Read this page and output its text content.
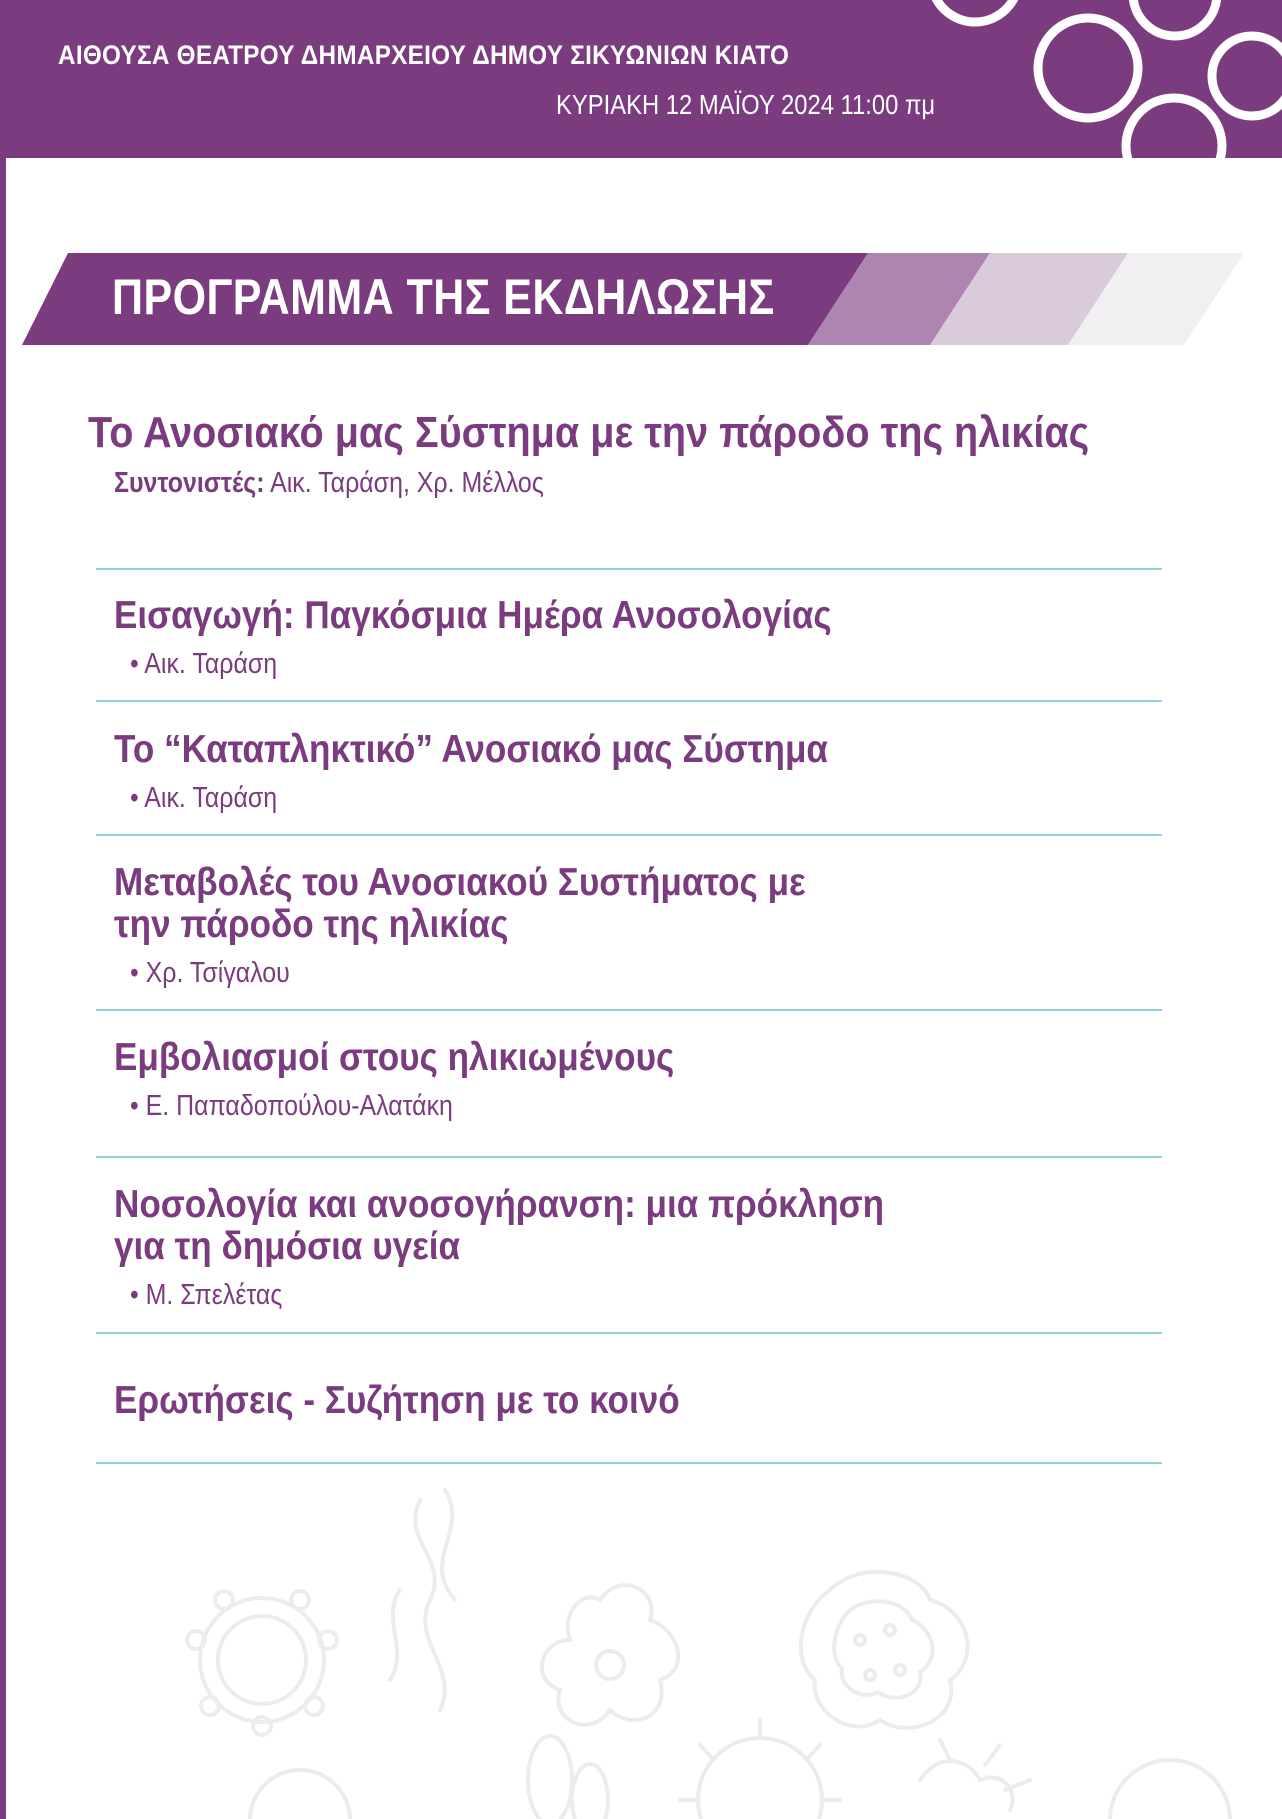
ΑΙΘΟΥΣΑ ΘΕΑΤΡΟΥ ΔΗΜΑΡΧΕΙΟΥ ΔΗΜΟΥ ΣΙΚΥΩΝΙΩΝ ΚΙΑΤΟ
ΚΥΡΙΑΚΗ 12 ΜΑΪΟΥ 2024 11:00 πμ
ΠΡΟΓΡΑΜΜΑ ΤΗΣ ΕΚΔΗΛΩΣΗΣ
Το Ανοσιακό μας Σύστημα με την πάροδο της ηλικίας
Συντονιστές: Αικ. Ταράση, Χρ. Μέλλος
Εισαγωγή: Παγκόσμια Ημέρα Ανοσολογίας
• Αικ. Ταράση
Το “Καταπληκτικό” Ανοσιακό μας Σύστημα
• Αικ. Ταράση
Μεταβολές του Ανοσιακού Συστήματος με
την πάροδο της ηλικίας
• Χρ. Τσίγαλου
Εμβολιασμοί στους ηλικιωμένους
• Ε. Παπαδοπούλου-Αλατάκη
Νοσολογία και ανοσογήρανση: μια πρόκληση
για τη δημόσια υγεία
• Μ. Σπελέτας
Ερωτήσεις - Συζήτηση με το κοινό
